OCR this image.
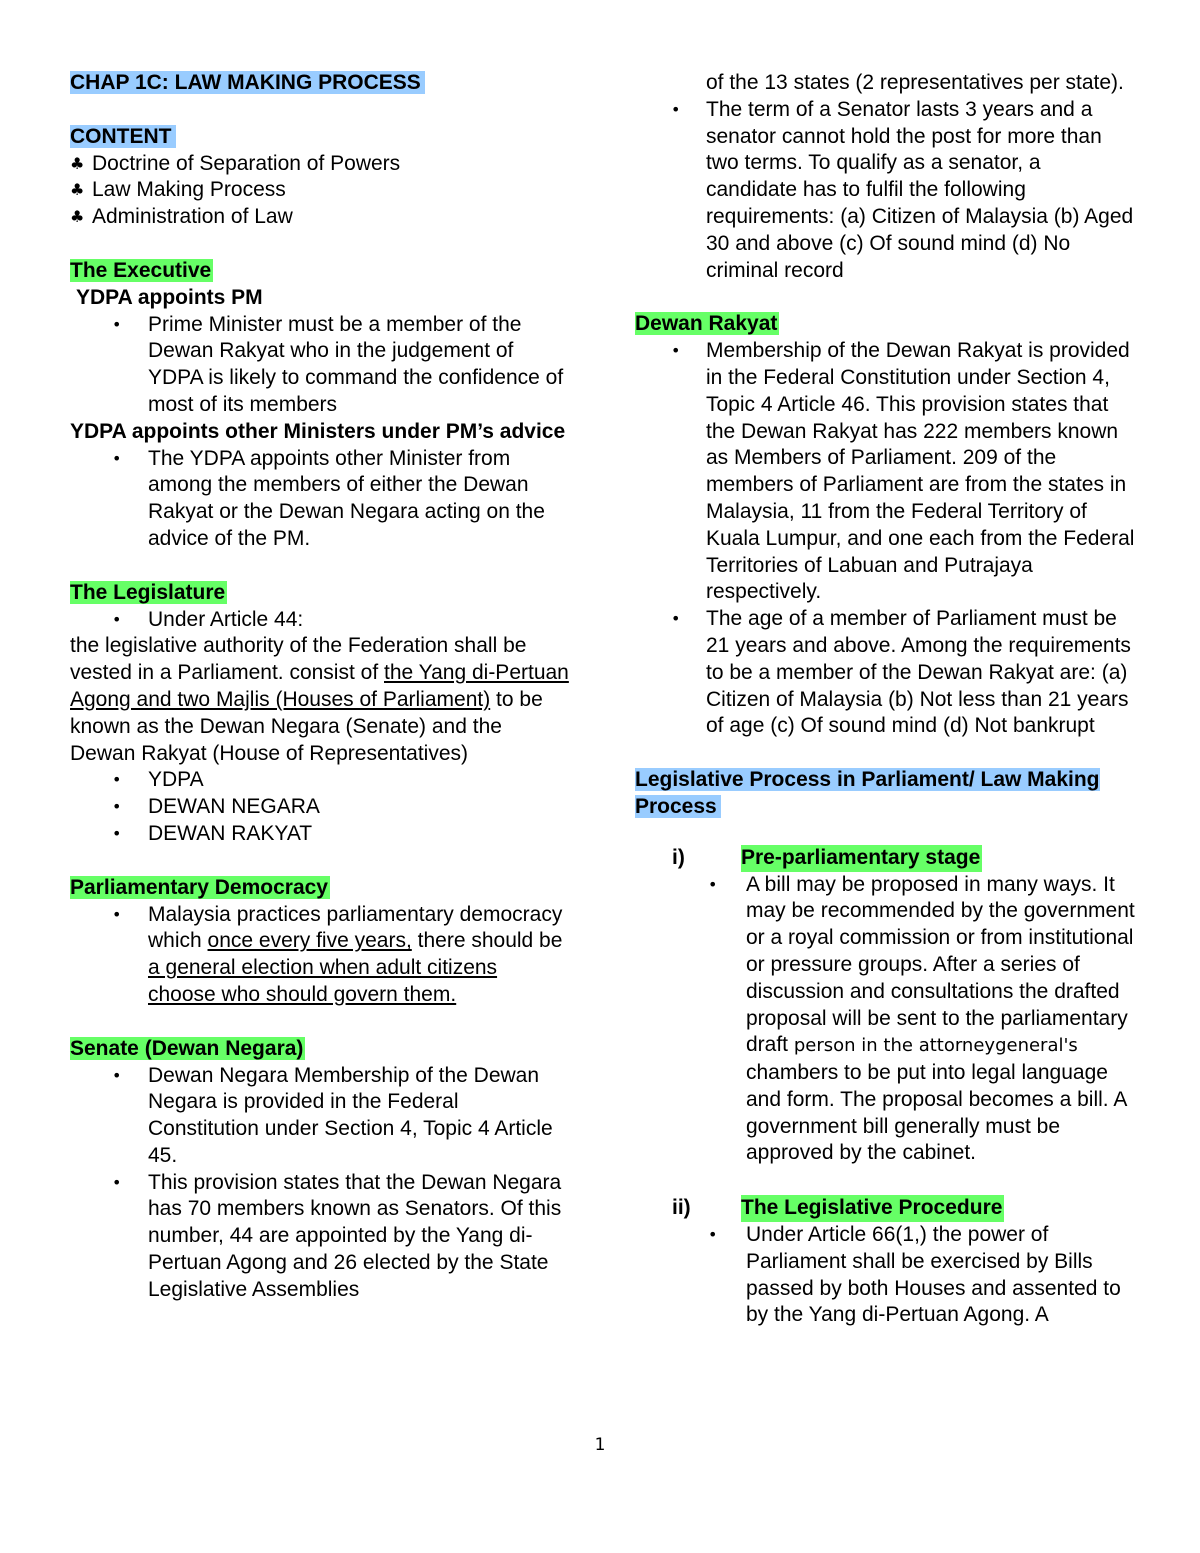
CHAP 1C: LAW MAKING PROCESS

CONTENT

♣ Doctrine of Separation of Powers
♣ Law Making Process
♣ Administration of Law

The Executive

YDPA appoints PM

• Prime Minister must be a member of the Dewan Rakyat who in the judgement of YDPA is likely to command the confidence of most of its members

YDPA appoints other Ministers under PM’s advice

• The YDPA appoints other Minister from among the members of either the Dewan Rakyat or the Dewan Negara acting on the advice of the PM.

The Legislature

• Under Article 44:

the legislative authority of the Federation shall be vested in a Parliament. consist of the Yang di-Pertuan Agong and two Majlis (Houses of Parliament) to be known as the Dewan Negara (Senate) and the Dewan Rakyat (House of Representatives)

• YDPA
• DEWAN NEGARA
• DEWAN RAKYAT

Parliamentary Democracy

• Malaysia practices parliamentary democracy which once every five years, there should be a general election when adult citizens choose who should govern them.

Senate (Dewan Negara)

• Dewan Negara Membership of the Dewan Negara is provided in the Federal Constitution under Section 4, Topic 4 Article 45.
• This provision states that the Dewan Negara has 70 members known as Senators. Of this number, 44 are appointed by the Yang di- Pertuan Agong and 26 elected by the State Legislative Assemblies
of the 13 states (2 representatives per state).
• The term of a Senator lasts 3 years and a senator cannot hold the post for more than two terms. To qualify as a senator, a candidate has to fulfil the following requirements: (a) Citizen of Malaysia (b) Aged 30 and above (c) Of sound mind (d) No criminal record

Dewan Rakyat

• Membership of the Dewan Rakyat is provided in the Federal Constitution under Section 4, Topic 4 Article 46. This provision states that the Dewan Rakyat has 222 members known as Members of Parliament. 209 of the members of Parliament are from the states in Malaysia, 11 from the Federal Territory of Kuala Lumpur, and one each from the Federal Territories of Labuan and Putrajaya respectively.
• The age of a member of Parliament must be 21 years and above. Among the requirements to be a member of the Dewan Rakyat are: (a) Citizen of Malaysia (b) Not less than 21 years of age (c) Of sound mind (d) Not bankrupt

Legislative Process in Parliament/ Law Making Process

i)	Pre-parliamentary stage
• A bill may be proposed in many ways. It may be recommended by the government or a royal commission or from institutional or pressure groups. After a series of discussion and consultations the drafted proposal will be sent to the parliamentary draft person in the attorneygeneral's chambers to be put into legal language and form. The proposal becomes a bill. A government bill generally must be approved by the cabinet.
ii)	The Legislative Procedure
• Under Article 66(1,) the power of Parliament shall be exercised by Bills passed by both Houses and assented to by the Yang di-Pertuan Agong. A
1
